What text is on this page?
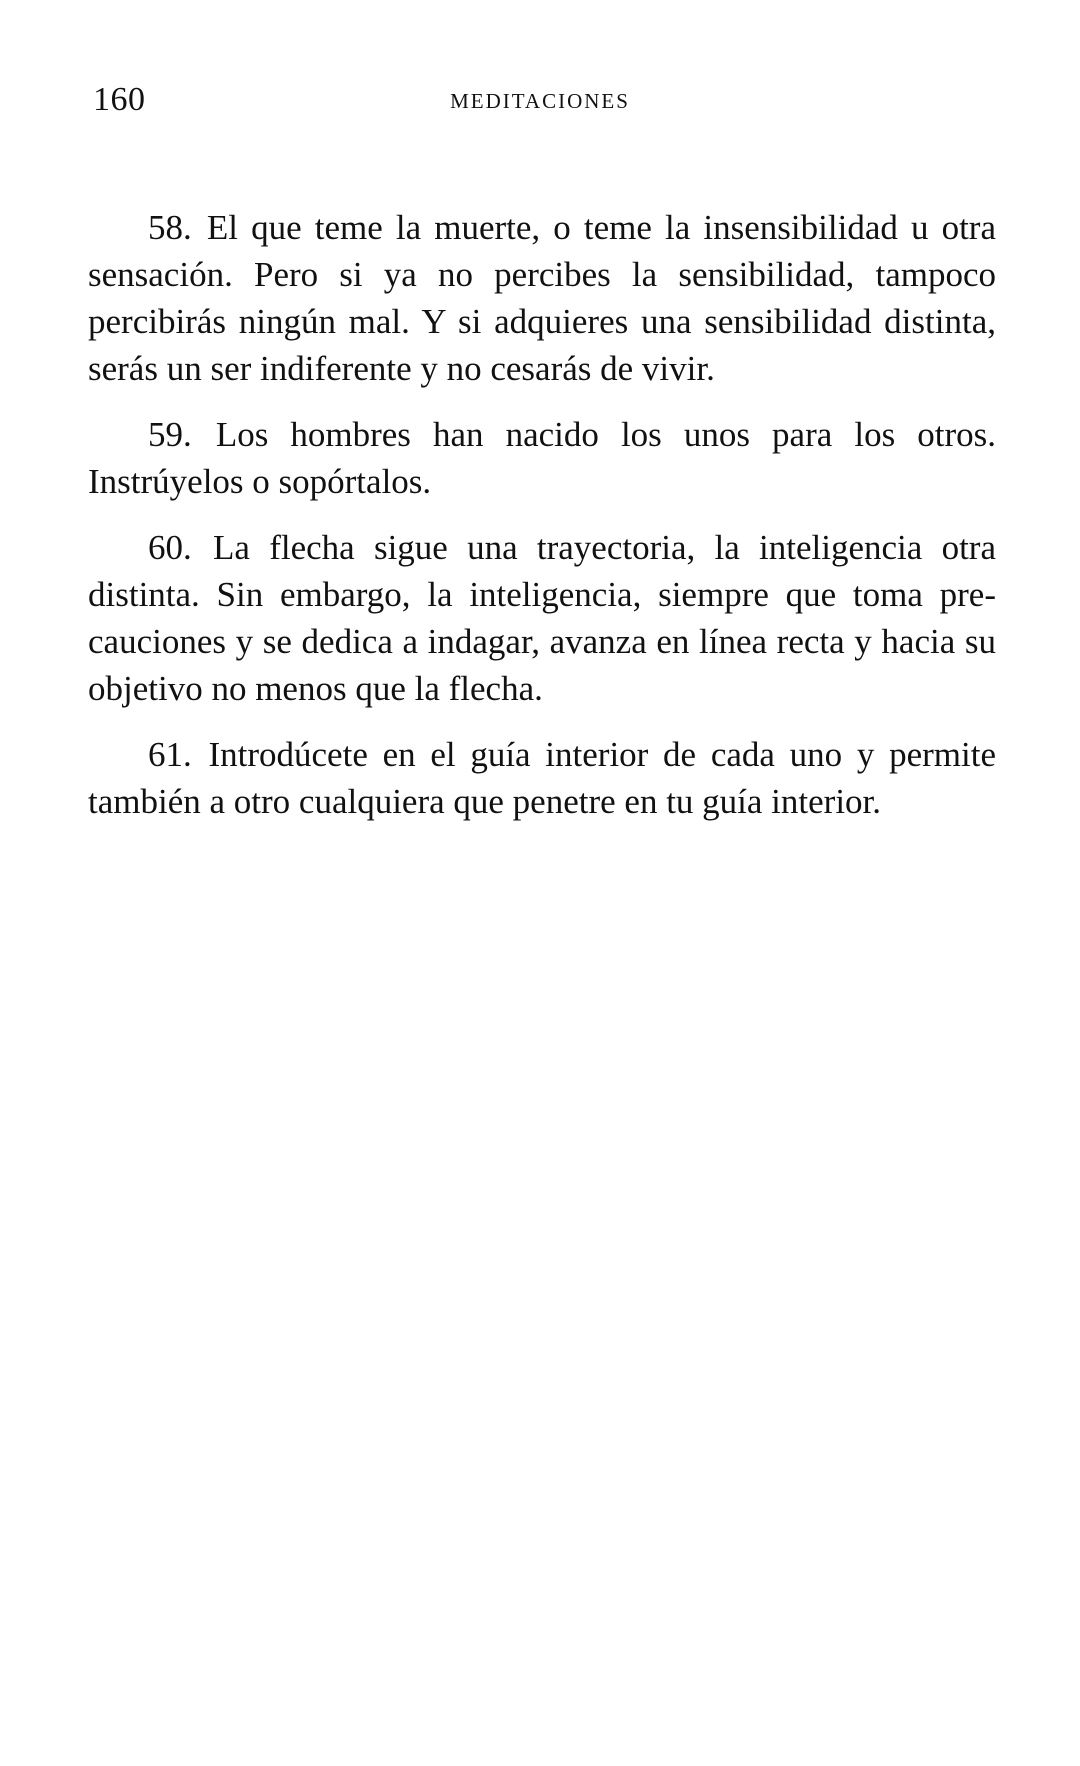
160	MEDITACIONES

58. El que teme la muerte, o teme la insensibilidad u otra sensación. Pero si ya no percibes la sensibilidad, tampoco percibirás ningún mal. Y si adquieres una sensibilidad distinta, serás un ser indiferente y no cesarás de vivir.

59. Los hombres han nacido los unos para los otros. Instrúyelos o sopórtalos.

60. La flecha sigue una trayectoria, la inteligencia otra distinta. Sin embargo, la inteligencia, siempre que toma precauciones y se dedica a indagar, avanza en línea recta y hacia su objetivo no menos que la flecha.

61. Introdúcete en el guía interior de cada uno y permite también a otro cualquiera que penetre en tu guía interior.
